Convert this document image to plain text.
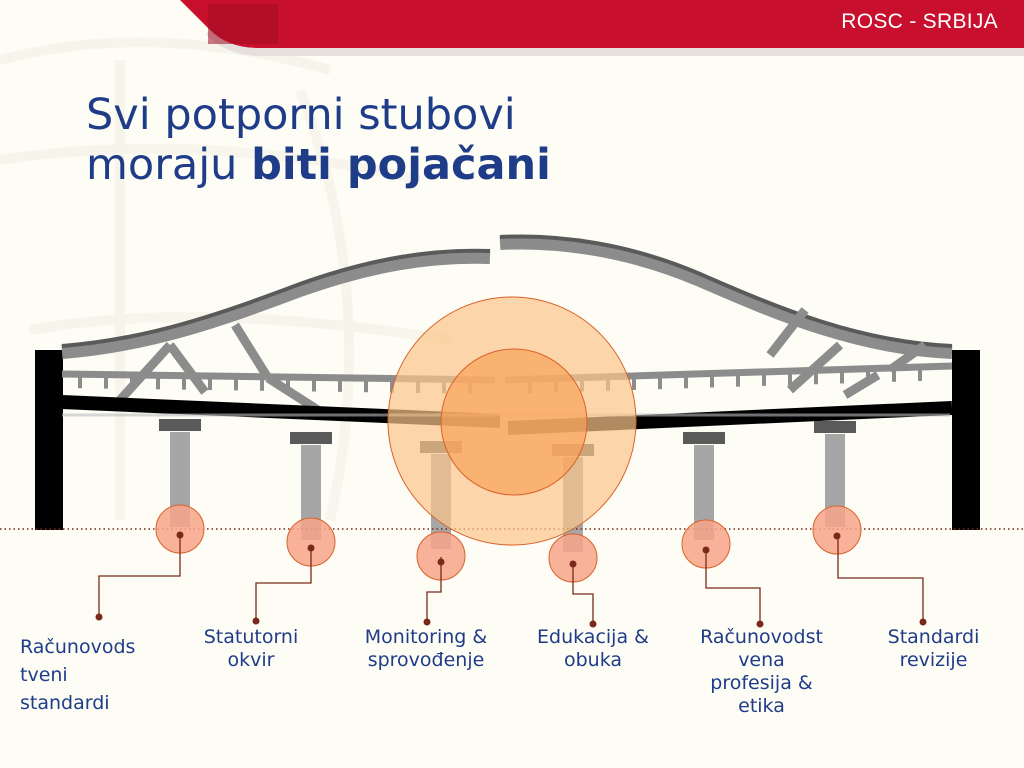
ROSC - SRBIJA
Svi potporni stubovi
moraju biti pojačani
Računovods
tveni
standardi
Statutorni
okvir
Monitoring &
sprovođenje
Edukacija &
obuka
Računovodst
vena
profesija &
etika
Standardi
revizije
